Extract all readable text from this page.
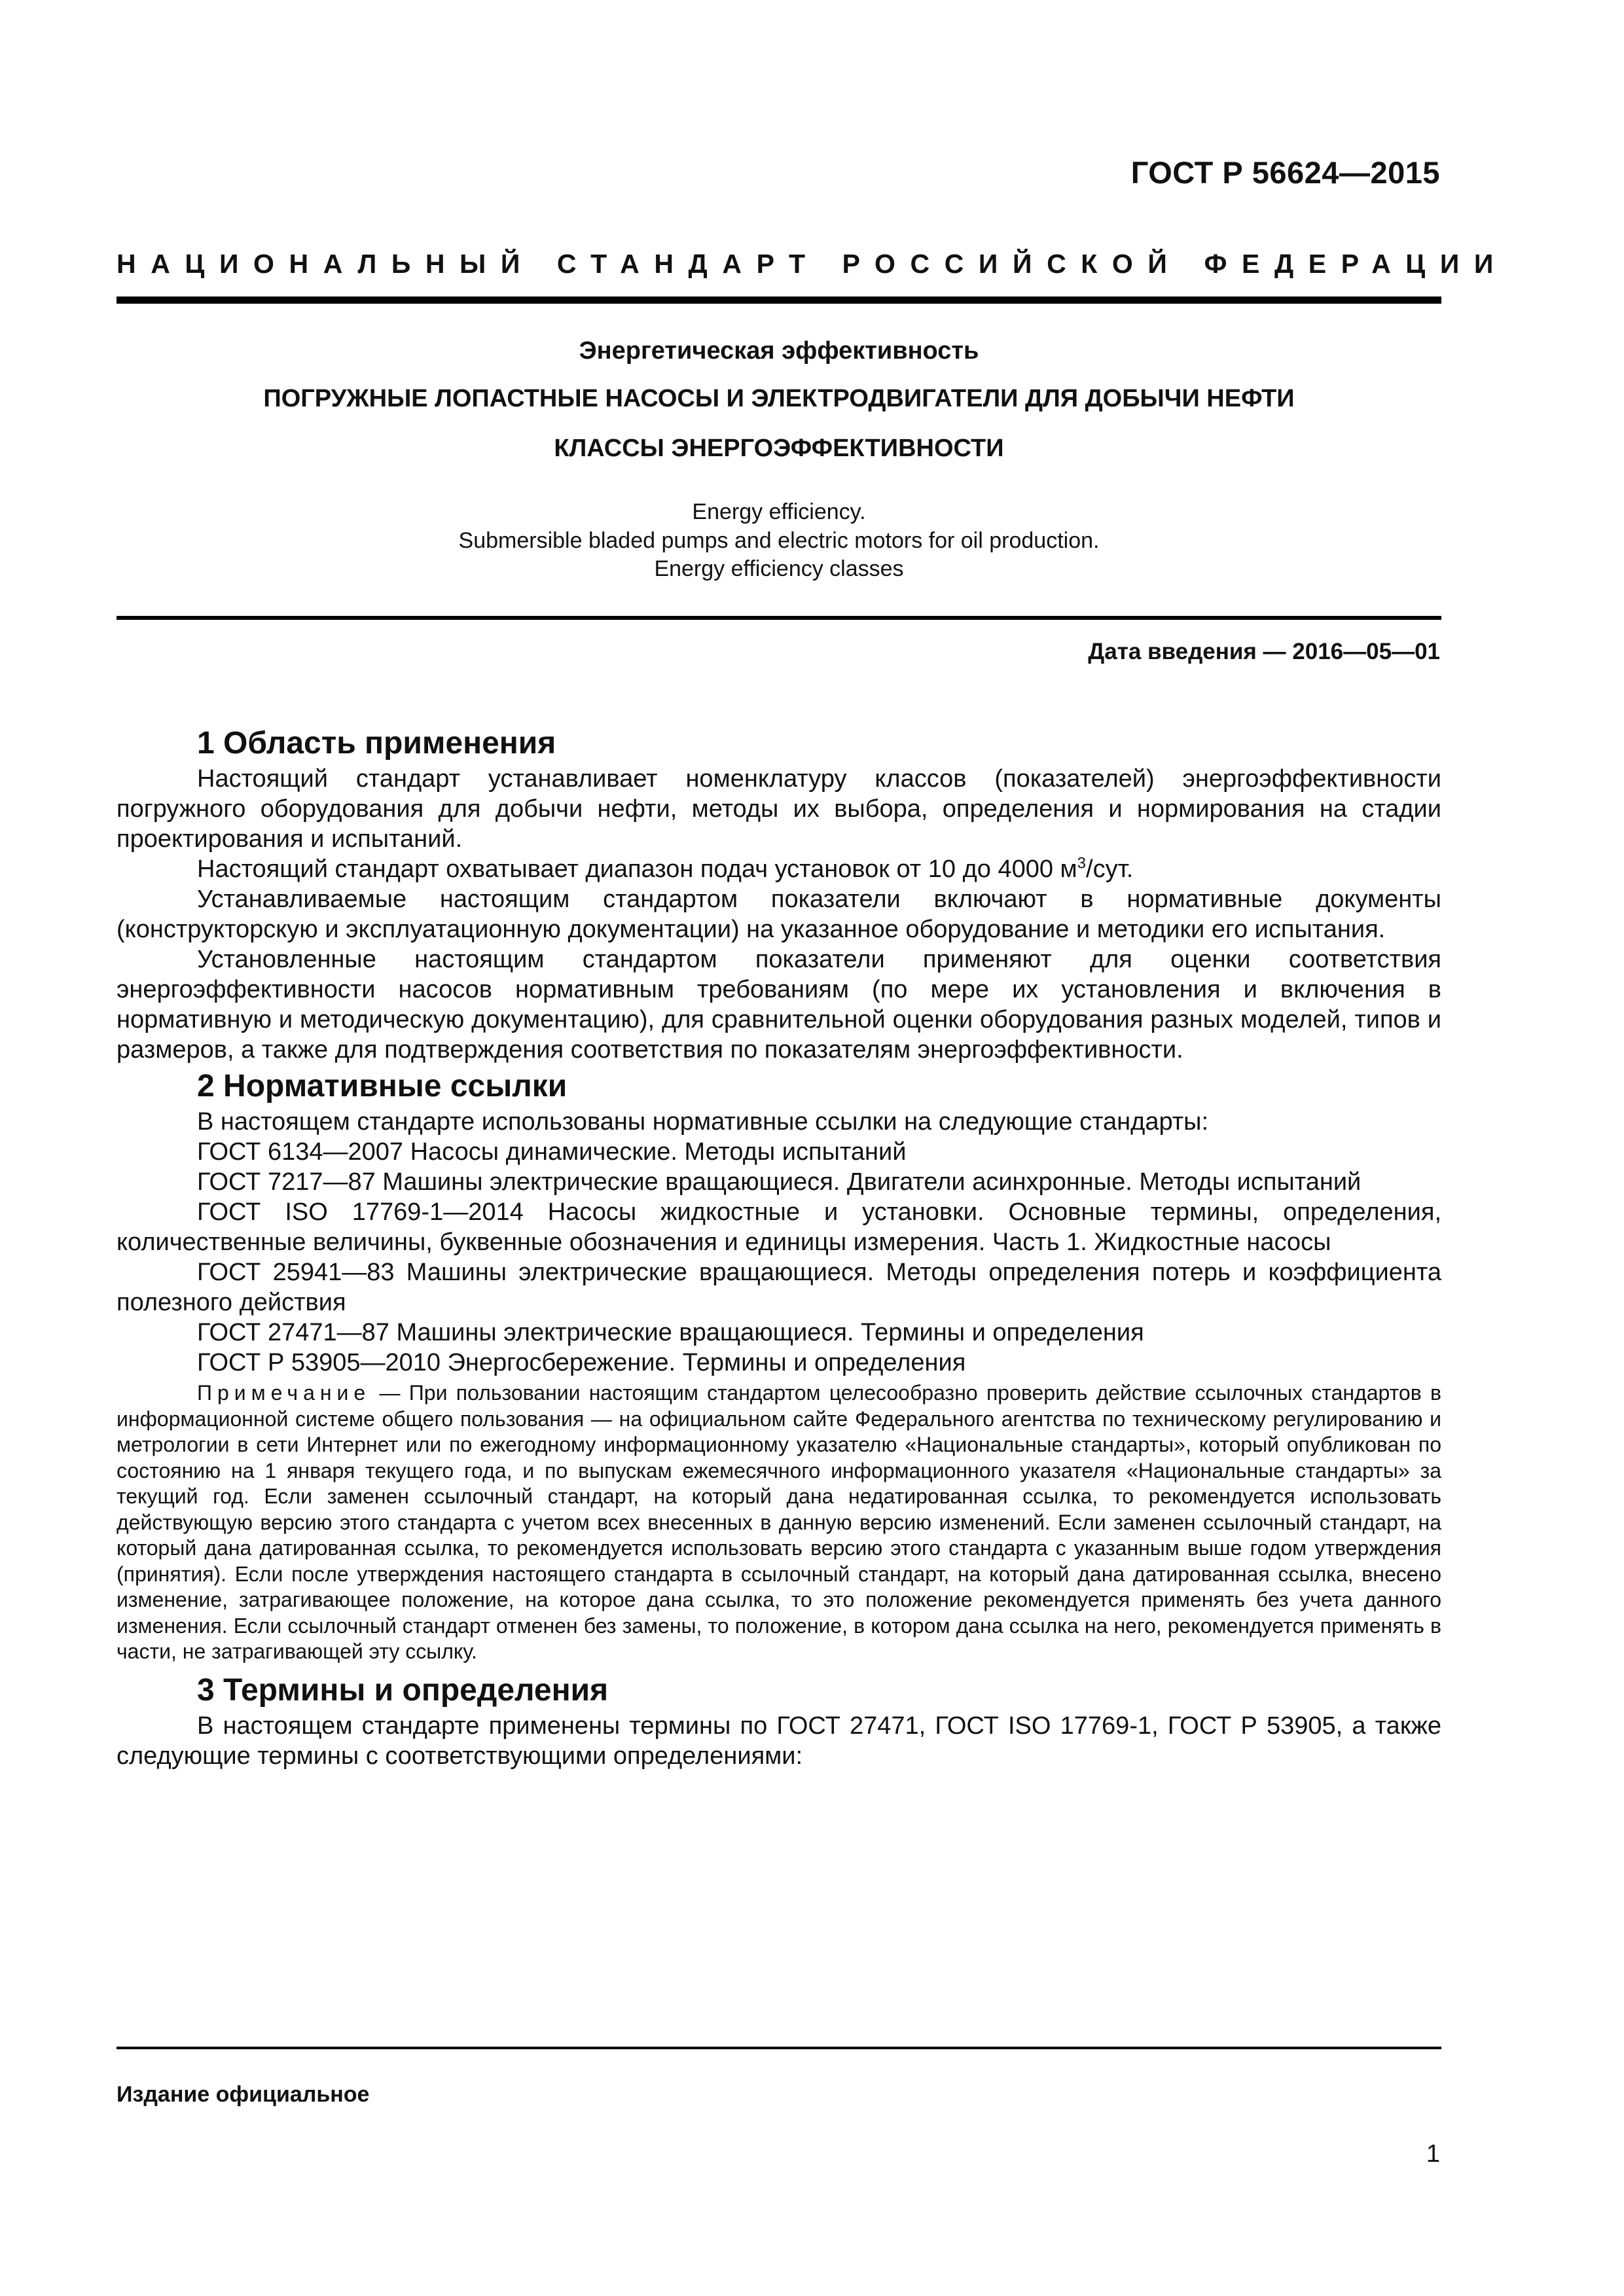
ГОСТ Р 56624—2015
НАЦИОНАЛЬНЫЙ СТАНДАРТ РОССИЙСКОЙ ФЕДЕРАЦИИ
Энергетическая эффективность
ПОГРУЖНЫЕ ЛОПАСТНЫЕ НАСОСЫ И ЭЛЕКТРОДВИГАТЕЛИ ДЛЯ ДОБЫЧИ НЕФТИ
КЛАССЫ ЭНЕРГОЭФФЕКТИВНОСТИ
Energy efficiency.
Submersible bladed pumps and electric motors for oil production.
Energy efficiency classes
Дата введения — 2016—05—01
1 Область применения

Настоящий стандарт устанавливает номенклатуру классов (показателей) энергоэффективности погружного оборудования для добычи нефти, методы их выбора, определения и нормирования на стадии проектирования и испытаний.

Настоящий стандарт охватывает диапазон подач установок от 10 до 4000 $м^3$/сут.

Устанавливаемые настоящим стандартом показатели включают в нормативные документы (конструкторскую и эксплуатационную документации) на указанное оборудование и методики его испытания.

Установленные настоящим стандартом показатели применяют для оценки соответствия энергоэффективности насосов нормативным требованиям (по мере их установления и включения в нормативную и методическую документацию), для сравнительной оценки оборудования разных моделей, типов и размеров, а также для подтверждения соответствия по показателям энергоэффективности.

2 Нормативные ссылки

В настоящем стандарте использованы нормативные ссылки на следующие стандарты:

ГОСТ 6134—2007 Насосы динамические. Методы испытаний

ГОСТ 7217—87 Машины электрические вращающиеся. Двигатели асинхронные. Методы испытаний

ГОСТ ISO 17769-1—2014 Насосы жидкостные и установки. Основные термины, определения, количественные величины, буквенные обозначения и единицы измерения. Часть 1. Жидкостные насосы

ГОСТ 25941—83 Машины электрические вращающиеся. Методы определения потерь и коэффициента полезного действия

ГОСТ 27471—87 Машины электрические вращающиеся. Термины и определения

ГОСТ Р 53905—2010 Энергосбережение. Термины и определения

Примечание — При пользовании настоящим стандартом целесообразно проверить действие ссылочных стандартов в информационной системе общего пользования — на официальном сайте Федерального агентства по техническому регулированию и метрологии в сети Интернет или по ежегодному информационному указателю «Национальные стандарты», который опубликован по состоянию на 1 января текущего года, и по выпускам ежемесячного информационного указателя «Национальные стандарты» за текущий год. Если заменен ссылочный стандарт, на который дана недатированная ссылка, то рекомендуется использовать действующую версию этого стандарта с учетом всех внесенных в данную версию изменений. Если заменен ссылочный стандарт, на который дана датированная ссылка, то рекомендуется использовать версию этого стандарта с указанным выше годом утверждения (принятия). Если после утверждения настоящего стандарта в ссылочный стандарт, на который дана датированная ссылка, внесено изменение, затрагивающее положение, на которое дана ссылка, то это положение рекомендуется применять без учета данного изменения. Если ссылочный стандарт отменен без замены, то положение, в котором дана ссылка на него, рекомендуется применять в части, не затрагивающей эту ссылку.
3 Термины и определения

В настоящем стандарте применены термины по ГОСТ 27471, ГОСТ ISO 17769-1, ГОСТ Р 53905, а также следующие термины с соответствующими определениями:

Издание официальное
1
